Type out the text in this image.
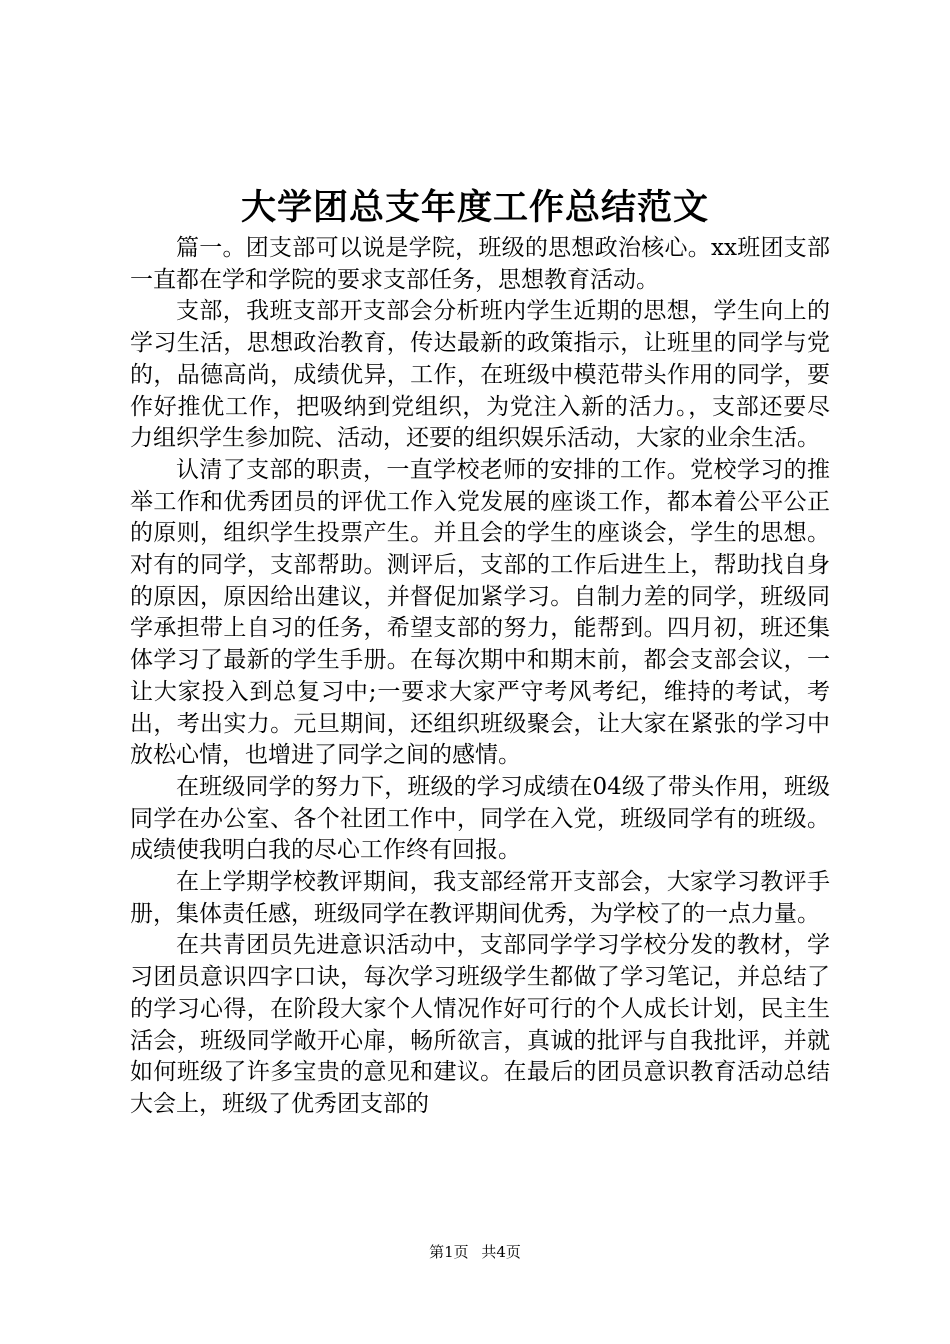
大学团总支年度工作总结范文

篇一。团支部可以说是学院，班级的思想政治核心。xx班团支部一直都在学和学院的要求支部任务，思想教育活动。

支部，我班支部开支部会分析班内学生近期的思想，学生向上的学习生活，思想政治教育，传达最新的政策指示，让班里的同学与党的，品德高尚，成绩优异，工作，在班级中模范带头作用的同学，要作好推优工作，把吸纳到党组织，为党注入新的活力。，支部还要尽力组织学生参加院、活动，还要的组织娱乐活动，大家的业余生活。

认清了支部的职责，一直学校老师的安排的工作。党校学习的推举工作和优秀团员的评优工作入党发展的座谈工作，都本着公平公正的原则，组织学生投票产生。并且会的学生的座谈会，学生的思想。对有的同学，支部帮助。测评后，支部的工作后进生上，帮助找自身的原因，原因给出建议，并督促加紧学习。自制力差的同学，班级同学承担带上自习的任务，希望支部的努力，能帮到。四月初，班还集体学习了最新的学生手册。在每次期中和期末前，都会支部会议，一让大家投入到总复习中;一要求大家严守考风考纪，维持的考试，考出，考出实力。元旦期间，还组织班级聚会，让大家在紧张的学习中放松心情，也增进了同学之间的感情。

在班级同学的努力下，班级的学习成绩在04级了带头作用，班级同学在办公室、各个社团工作中，同学在入党，班级同学有的班级。成绩使我明白我的尽心工作终有回报。

在上学期学校教评期间，我支部经常开支部会，大家学习教评手册，集体责任感，班级同学在教评期间优秀，为学校了的一点力量。

在共青团员先进意识活动中，支部同学学习学校分发的教材，学习团员意识四字口诀，每次学习班级学生都做了学习笔记，并总结了的学习心得，在阶段大家个人情况作好可行的个人成长计划，民主生活会，班级同学敞开心扉，畅所欲言，真诚的批评与自我批评，并就如何班级了许多宝贵的意见和建议。在最后的团员意识教育活动总结大会上，班级了优秀团支部的

第1页 共4页
